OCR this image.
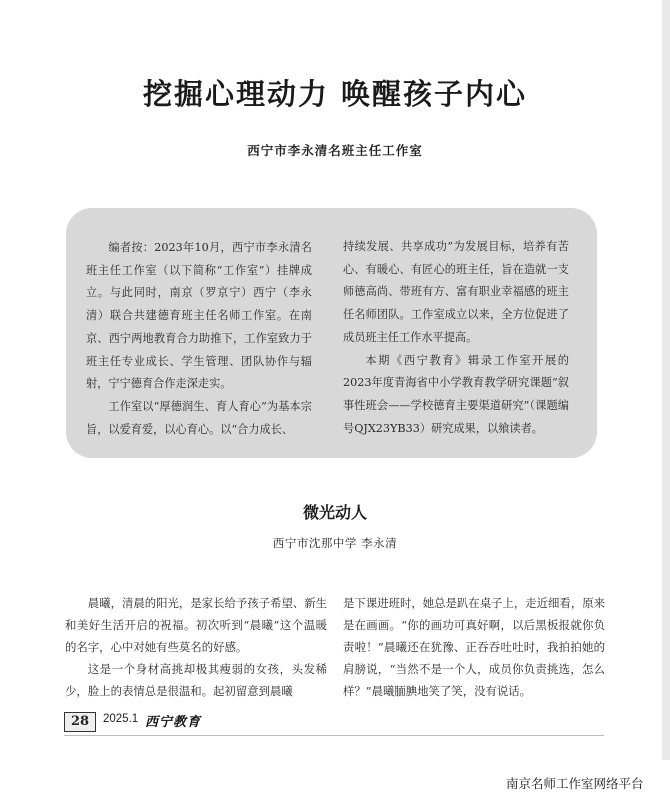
挖掘心理动力 唤醒孩子内心
西宁市李永清名班主任工作室

编者按：2023年10月，西宁市李永清名班主任工作室（以下简称“工作室”）挂牌成立。与此同时，南京（罗京宁）西宁（李永清）联合共建德育班主任名师工作室。在南京、西宁两地教育合力助推下，工作室致力于班主任专业成长、学生管理、团队协作与辐射，宁宁德育合作走深走实。

工作室以“厚德润生、育人育心”为基本宗旨，以爱育爱，以心育心。以“合力成长、

持续发展、共享成功”为发展目标，培养有苦心、有暖心、有匠心的班主任，旨在造就一支师德高尚、带班有方、富有职业幸福感的班主任名师团队。工作室成立以来，全方位促进了成员班主任工作水平提高。

本期《西宁教育》辑录工作室开展的2023年度青海省中小学教育教学研究课题“叙事性班会——学校德育主要渠道研究”（课题编号QJX23YB33）研究成果，以飨读者。

微光动人
西宁市沈那中学 李永清

晨曦，清晨的阳光，是家长给予孩子希望、新生和美好生活开启的祝福。初次听到“晨曦”这个温暖的名字，心中对她有些莫名的好感。

这是一个身材高挑却极其瘦弱的女孩，头发稀少，脸上的表情总是很温和。起初留意到晨曦

是下课进班时，她总是趴在桌子上，走近细看，原来是在画画。“你的画功可真好啊，以后黑板报就你负责啦！”晨曦还在犹豫、正吞吞吐吐时，我拍拍她的肩膀说，“当然不是一个人，成员你负责挑选，怎么样？”晨曦腼腆地笑了笑，没有说话。

28	2025.1 西宁教育
南京名师工作室网络平台
